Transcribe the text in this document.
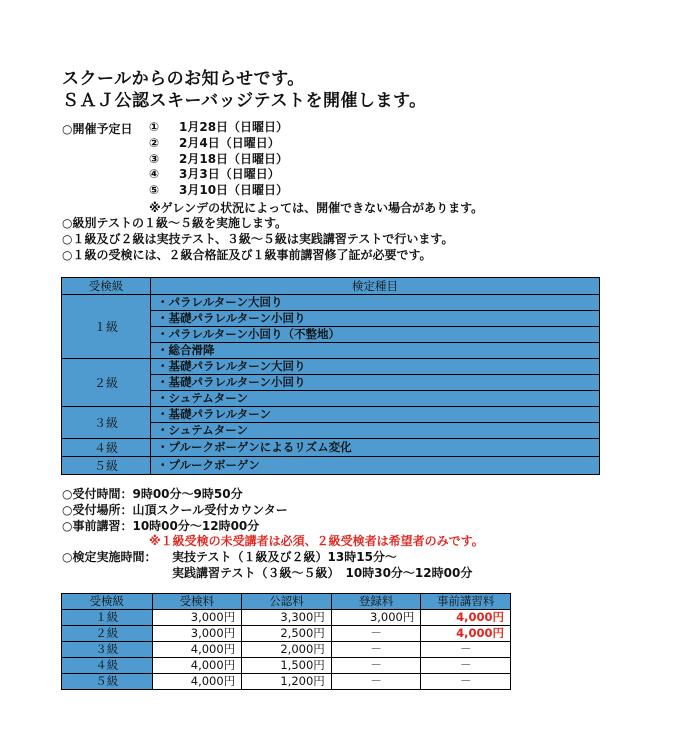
スクールからのお知らせです。
ＳＡＪ公認スキーバッジテストを開催します。
○開催予定日 ① 1月28日（日曜日）
② 2月4日（日曜日）
③ 2月18日（日曜日）
④ 3月3日（日曜日）
⑤ 3月10日（日曜日）
※ゲレンデの状況によっては、開催できない場合があります。
○級別テストの１級～５級を実施します。
○１級及び２級は実技テスト、３級～５級は実践講習テストで行います。
○１級の受検には、２級合格証及び１級事前講習修了証が必要です。
受検級	検定種目
１級	・パラレルターン大回り
	・基礎パラレルターン小回り
	・パラレルターン小回り（不整地）
	・総合滑降
２級	・基礎パラレルターン大回り
	・基礎パラレルターン小回り
	・シュテムターン
３級	・基礎パラレルターン
	・シュテムターン
４級	・プルークボーゲンによるリズム変化
５級	・プルークボーゲン
○受付時間：9時00分～9時50分
○受付場所：山頂スクール受付カウンター
○事前講習：10時00分～12時00分
※１級受検の未受講者は必須、２級受検者は希望者のみです。
○検定実施時間： 実技テスト（１級及び２級）13時15分～
実践講習テスト（３級～５級）　10時30分～12時00分
受検級	受検料	公認料	登録料	事前講習料
１級	3,000円	3,300円	3,000円	4,000円
２級	3,000円	2,500円	－	4,000円
３級	4,000円	2,000円	－	－
４級	4,000円	1,500円	－	－
５級	4,000円	1,200円	－	－
